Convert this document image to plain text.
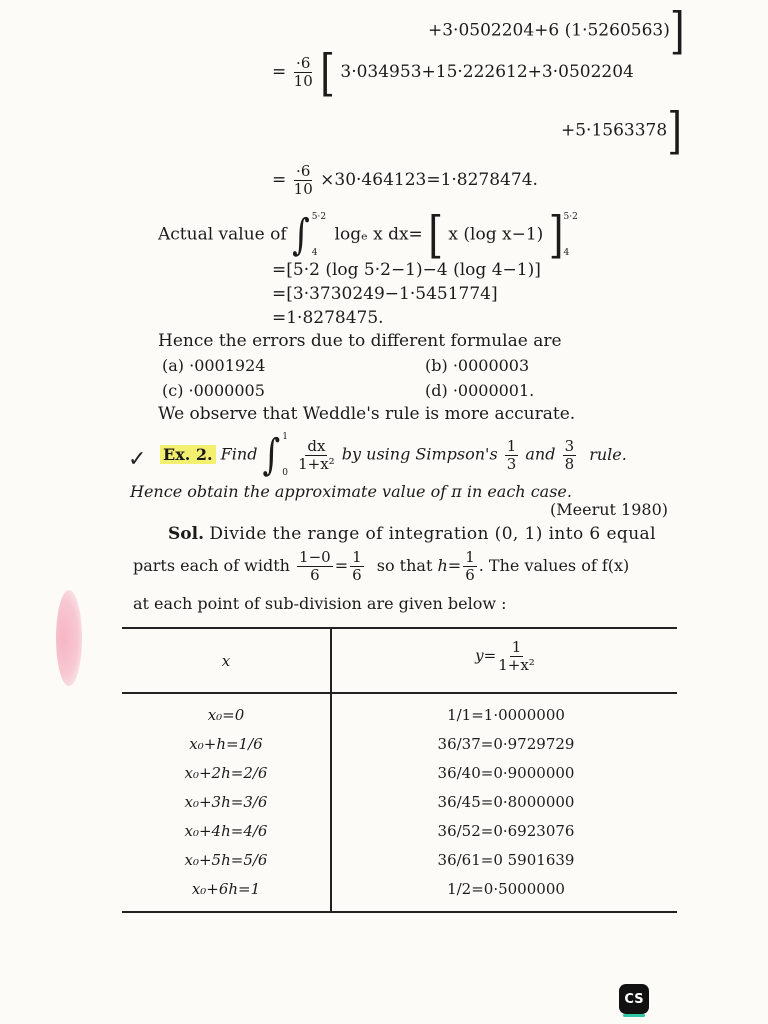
+3·0502204+6 (1·5260563)]
= $\frac{\cdot 6}{10}$ [ 3·034953+15·222612+3·0502204
+5·1563378]
= $\frac{\cdot 6}{10} \times 30\cdot 464123=1\cdot 8278474$.
Actual value of ∫ 5·2
4
logₑ x dx= [ x (log x−1) ] 5·2
4
=[5·2 (log 5·2−1)−4 (log 4−1)]
=[3·3730249−1·5451774]
=1·8278475.
Hence the errors due to different formulae are
(a) ·0001924	(b) ·0000003
(c) ·0000005	(d) ·0000001.
We observe that Weddle's rule is more accurate.
✓ Ex. 2. Find ∫ 1
0

$\frac{dx}{\text{1+x²}}$ by using Simpson's $\frac{1}{3}$ and $\frac{3}{8}$ rule.
Hence obtain the approximate value of π in each case.
(Meerut 1980)
Sol. Divide the range of integration (0, 1) into 6 equal
parts each of width $\frac{1-0}{6} = \frac{1}{6}$ so that $h= \frac{1}{6}$ . The values of f(x)
at each point of sub-division are given below :
x	$y= \frac{1}{\text{1+x²}}$
x₀=0	1/1=1·0000000
x₀+h=1/6	36/37=0·9729729
x₀+2h=2/6	36/40=0·9000000
x₀+3h=3/6	36/45=0·8000000
x₀+4h=4/6	36/52=0·6923076
x₀+5h=5/6	36/61=0 5901639
x₀+6h=1	1/2=0·5000000
CS
